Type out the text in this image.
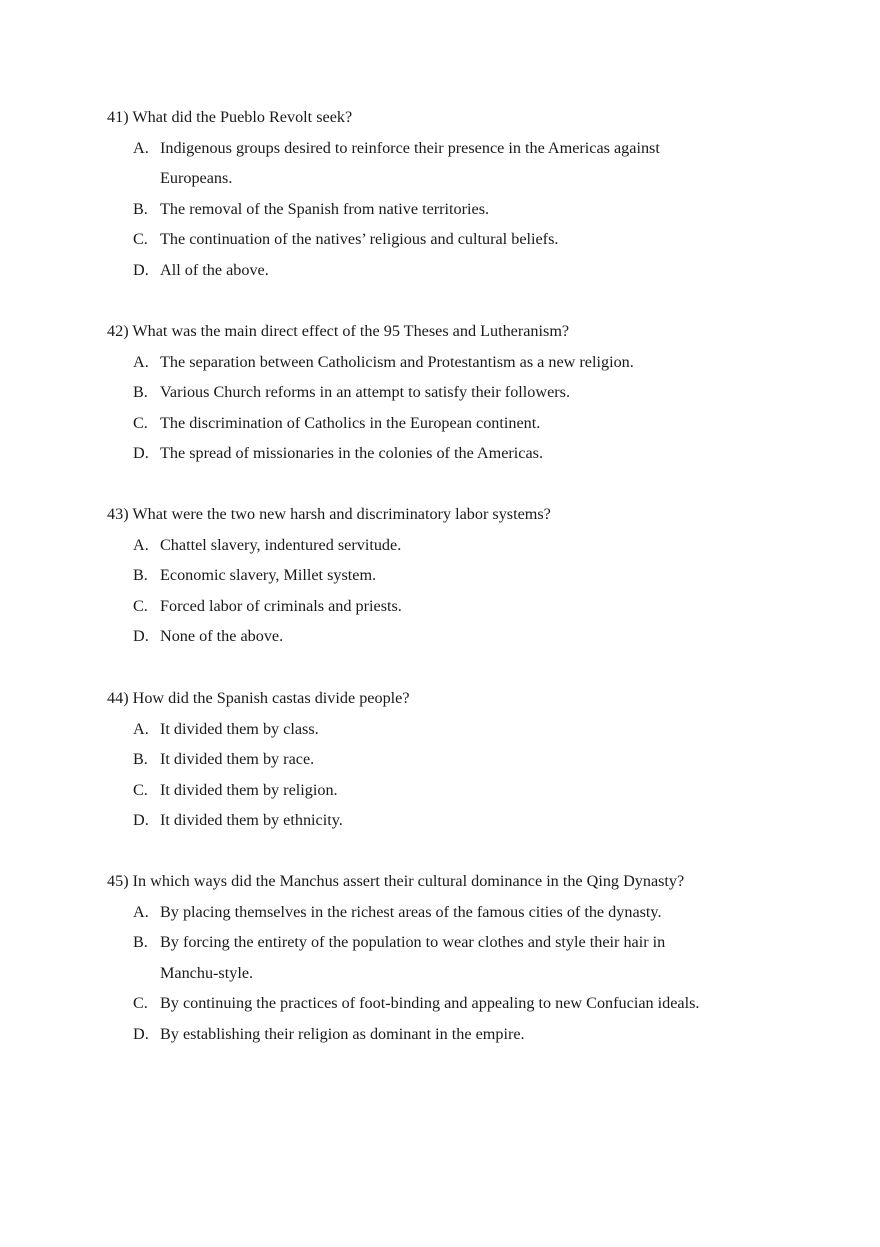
41) What did the Pueblo Revolt seek?
A. Indigenous groups desired to reinforce their presence in the Americas against Europeans.
B. The removal of the Spanish from native territories.
C. The continuation of the natives’ religious and cultural beliefs.
D. All of the above.
42) What was the main direct effect of the 95 Theses and Lutheranism?
A. The separation between Catholicism and Protestantism as a new religion.
B. Various Church reforms in an attempt to satisfy their followers.
C. The discrimination of Catholics in the European continent.
D. The spread of missionaries in the colonies of the Americas.
43) What were the two new harsh and discriminatory labor systems?
A. Chattel slavery, indentured servitude.
B. Economic slavery, Millet system.
C. Forced labor of criminals and priests.
D. None of the above.
44) How did the Spanish castas divide people?
A. It divided them by class.
B. It divided them by race.
C. It divided them by religion.
D. It divided them by ethnicity.
45) In which ways did the Manchus assert their cultural dominance in the Qing Dynasty?
A. By placing themselves in the richest areas of the famous cities of the dynasty.
B. By forcing the entirety of the population to wear clothes and style their hair in Manchu-style.
C. By continuing the practices of foot-binding and appealing to new Confucian ideals.
D. By establishing their religion as dominant in the empire.
